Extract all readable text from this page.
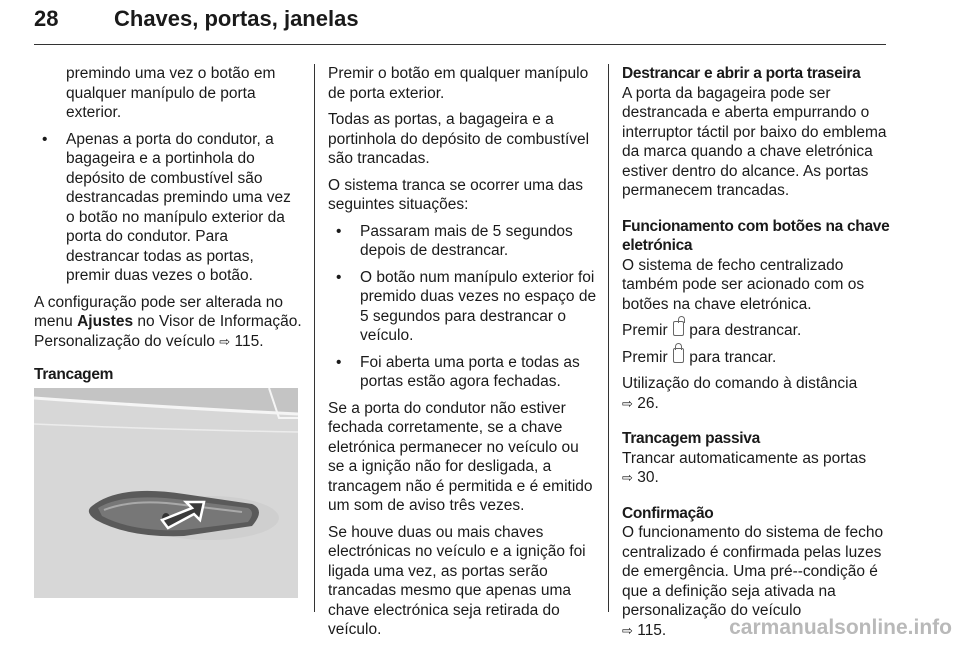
28	Chaves, portas, janelas

premindo uma vez o botão em qualquer manípulo de porta exterior.

• Apenas a porta do condutor, a bagageira e a portinhola do depósito de combustível são destrancadas premindo uma vez o botão no manípulo exterior da porta do condutor. Para destrancar todas as portas, premir duas vezes o botão.

A configuração pode ser alterada no menu Ajustes no Visor de Informação. Personalização do veículo ⇨ 115.

Trancagem

Premir o botão em qualquer manípulo de porta exterior.

Todas as portas, a bagageira e a portinhola do depósito de combustível são trancadas.

O sistema tranca se ocorrer uma das seguintes situações:

• Passaram mais de 5 segundos depois de destrancar.
• O botão num manípulo exterior foi premido duas vezes no espaço de 5 segundos para destrancar o veículo.
• Foi aberta uma porta e todas as portas estão agora fechadas.

Se a porta do condutor não estiver fechada corretamente, se a chave eletrónica permanecer no veículo ou se a ignição não for desligada, a trancagem não é permitida e é emitido um som de aviso três vezes.

Se houve duas ou mais chaves electrónicas no veículo e a ignição foi ligada uma vez, as portas serão trancadas mesmo que apenas uma chave electrónica seja retirada do veículo.

Destrancar e abrir a porta traseira

A porta da bagageira pode ser destrancada e aberta empurrando o interruptor táctil por baixo do emblema da marca quando a chave eletrónica estiver dentro do alcance. As portas permanecem trancadas.

Funcionamento com botões na chave eletrónica

O sistema de fecho centralizado também pode ser acionado com os botões na chave eletrónica.

Premir  para destrancar.

Premir  para trancar.

Utilização do comando à distância
⇨ 26.

Trancagem passiva

Trancar automaticamente as portas
⇨ 30.

Confirmação

O funcionamento do sistema de fecho centralizado é confirmada pelas luzes de emergência. Uma pré--condição é que a definição seja ativada na personalização do veículo
⇨ 115.	carmanualsonline.info
